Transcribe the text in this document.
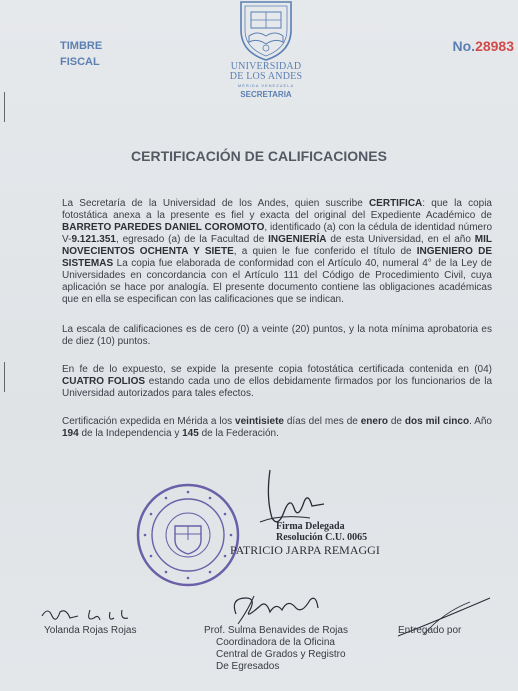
TIMBRE
FISCAL
No.28983
UNIVERSIDAD
DE LOS ANDES
MÉRIDA VENEZUELA
SECRETARIA
CERTIFICACIÓN DE CALIFICACIONES
La Secretaría de la Universidad de los Andes, quien suscribe CERTIFICA: que la copia fotostática anexa a la presente es fiel y exacta del original del Expediente Académico de BARRETO PAREDES DANIEL COROMOTO, identificado (a) con la cédula de identidad número V-9.121.351, egresado (a) de la Facultad de INGENIERÍA de esta Universidad, en el año MIL NOVECIENTOS OCHENTA Y SIETE, a quien le fue conferido el título de INGENIERO DE SISTEMAS La copia fue elaborada de conformidad con el Artículo 40, numeral 4° de la Ley de Universidades en concordancia con el Artículo 111 del Código de Procedimiento Civil, cuya aplicación se hace por analogía. El presente documento contiene las obligaciones académicas que en ella se especifican con las calificaciones que se indican.
La escala de calificaciones es de cero (0) a veinte (20) puntos, y la nota mínima aprobatoria es de diez (10) puntos.
En fe de lo expuesto, se expide la presente copia fotostática certificada contenida en (04) CUATRO FOLIOS estando cada uno de ellos debidamente firmados por los funcionarios de la Universidad autorizados para tales efectos.
Certificación expedida en Mérida a los veintisiete días del mes de enero de dos mil cinco. Año 194 de la Independencia y 145 de la Federación.
Firma Delegada
Resolución C.U. 0065
PATRICIO JARPA REMAGGI
Yolanda Rojas Rojas	Prof. Sulma Benavides de Rojas
Coordinadora de la Oficina
Central de Grados y Registro
De Egresados
Entregado por
